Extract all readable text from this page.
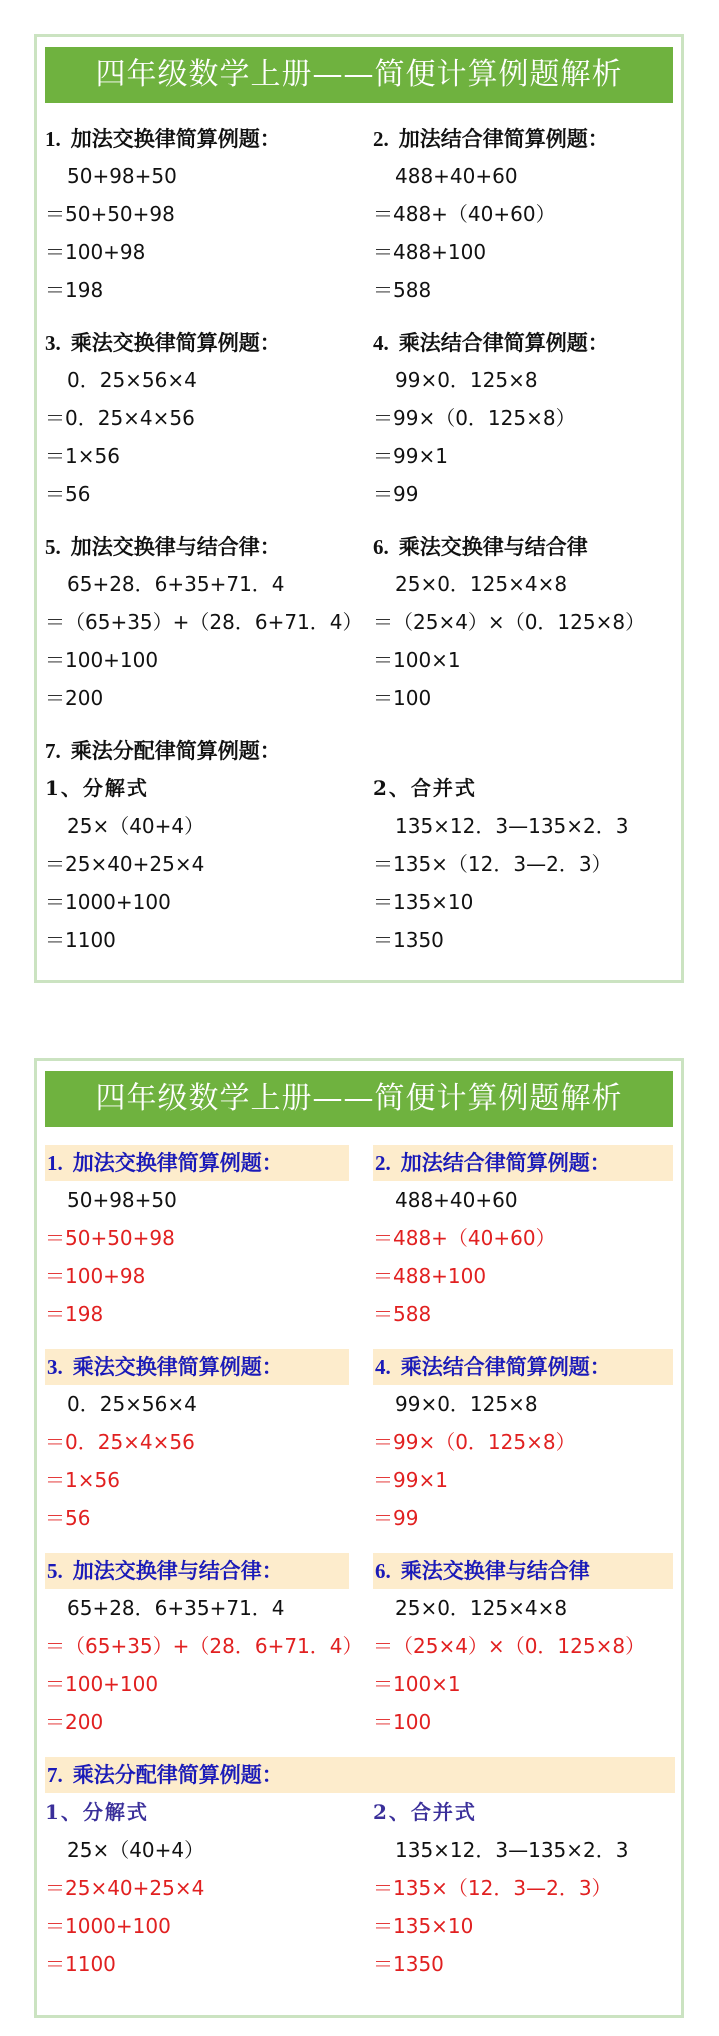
四年级数学上册——简便计算例题解析
1. 加法交换律简算例题：
50+98+50
＝50+50+98
＝100+98
＝198
2. 加法结合律简算例题：
488+40+60
＝488+（40+60）
＝488+100
＝588
3. 乘法交换律简算例题：
0．25×56×4
＝0．25×4×56
＝1×56
＝56
4. 乘法结合律简算例题：
99×0．125×8
＝99×（0．125×8）
＝99×1
＝99
5. 加法交换律与结合律：
65+28．6+35+71．4
＝（65+35）+（28．6+71．4）
＝100+100
＝200
6. 乘法交换律与结合律
25×0．125×4×8
＝（25×4）×（0．125×8）
＝100×1
＝100
7. 乘法分配律简算例题：
1、分解式
25×（40+4）
＝25×40+25×4
＝1000+100
＝1100
2、合并式
135×12．3—135×2．3
＝135×（12．3—2．3）
＝135×10
＝1350
四年级数学上册——简便计算例题解析
1. 加法交换律简算例题：
50+98+50
＝50+50+98
＝100+98
＝198
2. 加法结合律简算例题：
488+40+60
＝488+（40+60）
＝488+100
＝588
3. 乘法交换律简算例题：
0．25×56×4
＝0．25×4×56
＝1×56
＝56
4. 乘法结合律简算例题：
99×0．125×8
＝99×（0．125×8）
＝99×1
＝99
5. 加法交换律与结合律：
65+28．6+35+71．4
＝（65+35）+（28．6+71．4）
＝100+100
＝200
6. 乘法交换律与结合律
25×0．125×4×8
＝（25×4）×（0．125×8）
＝100×1
＝100
7. 乘法分配律简算例题：
1、分解式
25×（40+4）
＝25×40+25×4
＝1000+100
＝1100
2、合并式
135×12．3—135×2．3
＝135×（12．3—2．3）
＝135×10
＝1350
